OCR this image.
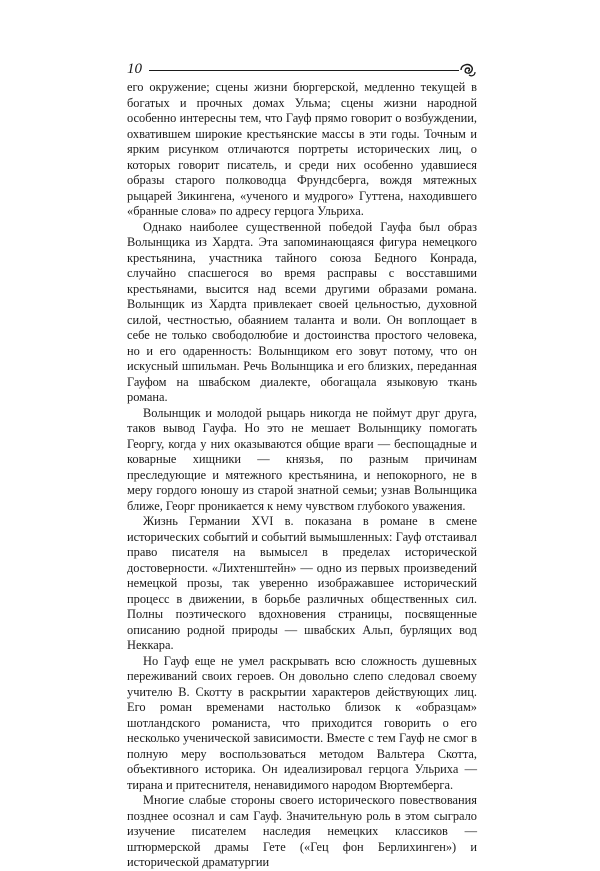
10

его окружение; сцены жизни бюргерской, медленно текущей в богатых и прочных домах Ульма; сцены жизни народной особенно интересны тем, что Гауф прямо говорит о возбуждении, охватившем широкие крестьянские массы в эти годы. Точным и ярким рисунком отличаются портреты исторических лиц, о которых говорит писатель, и среди них особенно удавшиеся образы старого полководца Фрундсберга, вождя мятежных рыцарей Зикингена, «ученого и мудрого» Гуттена, находившего «бранные слова» по адресу герцога Ульриха.

Однако наиболее существенной победой Гауфа был образ Волынщика из Хардта. Эта запоминающаяся фигура немецкого крестьянина, участника тайного союза Бедного Конрада, случайно спасшегося во время расправы с восставшими крестьянами, высится над всеми другими образами романа. Волынщик из Хардта привлекает своей цельностью, духовной силой, честностью, обаянием таланта и воли. Он воплощает в себе не только свободолюбие и достоинства простого человека, но и его одаренность: Волынщиком его зовут потому, что он искусный шпильман. Речь Волынщика и его близких, переданная Гауфом на швабском диалекте, обогащала языковую ткань романа.

Волынщик и молодой рыцарь никогда не поймут друг друга, таков вывод Гауфа. Но это не мешает Волынщику помогать Георгу, когда у них оказываются общие враги — беспощадные и коварные хищники — князья, по разным причинам преследующие и мятежного крестьянина, и непокорного, не в меру гордого юношу из старой знатной семьи; узнав Волынщика ближе, Георг проникается к нему чувством глубокого уважения.

Жизнь Германии XVI в. показана в романе в смене исторических событий и событий вымышленных: Гауф отстаивал право писателя на вымысел в пределах исторической достоверности. «Лихтенштейн» — одно из первых произведений немецкой прозы, так уверенно изображавшее исторический процесс в движении, в борьбе различных общественных сил. Полны поэтического вдохновения страницы, посвященные описанию родной природы — швабских Альп, бурлящих вод Неккара.

Но Гауф еще не умел раскрывать всю сложность душевных переживаний своих героев. Он довольно слепо следовал своему учителю В. Скотту в раскрытии характеров действующих лиц. Его роман временами настолько близок к «образцам» шотландского романиста, что приходится говорить о его несколько ученической зависимости. Вместе с тем Гауф не смог в полную меру воспользоваться методом Вальтера Скотта, объективного историка. Он идеализировал герцога Ульриха — тирана и притеснителя, ненавидимого народом Вюртемберга.

Многие слабые стороны своего исторического повествования позднее осознал и сам Гауф. Значительную роль в этом сыграло изучение писателем наследия немецких классиков — штюрмерской драмы Гете («Гец фон Берлихинген») и исторической драматургии
